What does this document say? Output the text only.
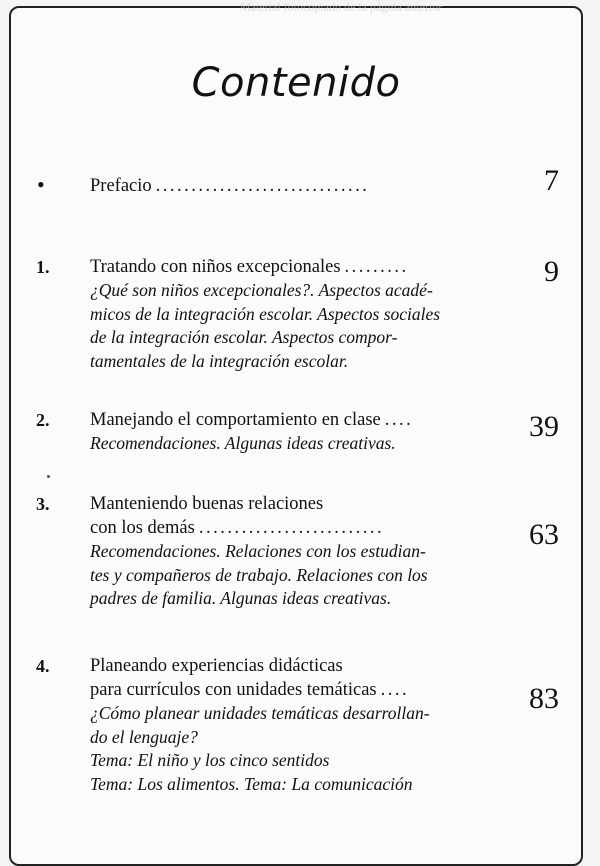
Contenido
• Prefacio ..............................	7
1. Tratando con niños excepcionales .........

¿Qué son niños excepcionales?. Aspectos acadé-

micos de la integración escolar. Aspectos sociales

de la integración escolar. Aspectos compor-

tamentales de la integración escolar.

9
2. Manejando el comportamiento en clase ....

Recomendaciones. Algunas ideas creativas.	39
3. Manteniendo buenas relaciones
con los demás ..........................

Recomendaciones. Relaciones con los estudian-

tes y compañeros de trabajo. Relaciones con los

padres de familia. Algunas ideas creativas.

63
4. Planeando experiencias didácticas
para currículos con unidades temáticas ....

¿Cómo planear unidades temáticas desarrollan-

do el lenguaje?

Tema: El niño y los cinco sentidos

Tema: Los alimentos. Tema: La comunicación

83
Material fotocopiado de la página anterior
